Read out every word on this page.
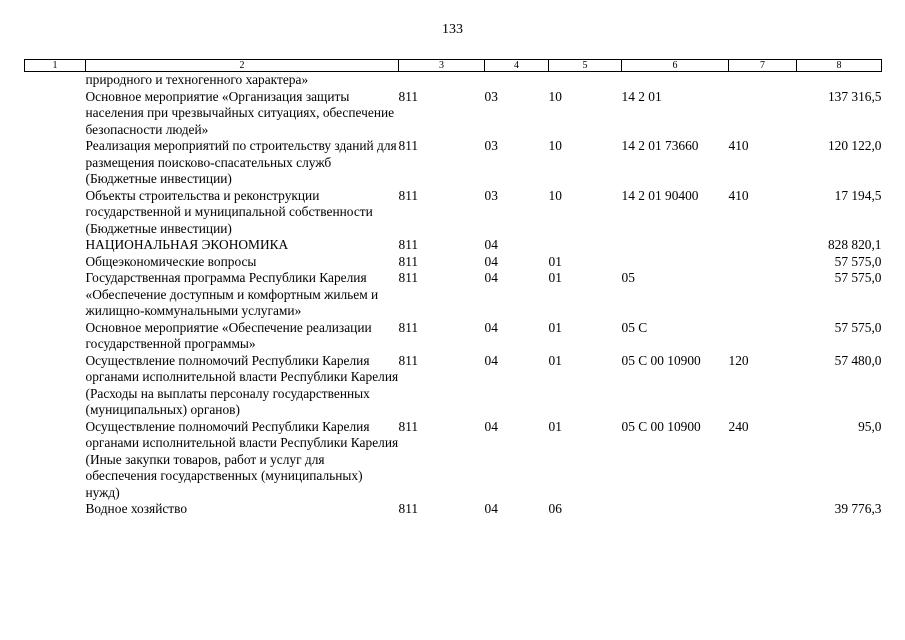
133
1	2	3	4	5	6	7	8
	природного и техногенного характера»						
	Основное мероприятие «Организация защиты населения при чрезвычайных ситуациях, обеспечение безопасности людей»	811	03	10	14 2 01		137 316,5
	Реализация мероприятий по строительству зданий для размещения поисково-спасательных служб (Бюджетные инвестиции)	811	03	10	14 2 01 73660	410	120 122,0
	Объекты строительства и реконструкции государственной и муниципальной собственности (Бюджетные инвестиции)	811	03	10	14 2 01 90400	410	17 194,5
	НАЦИОНАЛЬНАЯ ЭКОНОМИКА	811	04				828 820,1
	Общеэкономические вопросы	811	04	01			57 575,0
	Государственная программа Республики Карелия «Обеспечение доступным и комфортным жильем и жилищно-коммунальными услугами»	811	04	01	05		57 575,0
	Основное мероприятие «Обеспечение реализации государственной программы»	811	04	01	05 С		57 575,0
	Осуществление полномочий Республики Карелия органами исполнительной власти Республики Карелия (Расходы на выплаты персоналу государственных (муниципальных) органов)	811	04	01	05 С 00 10900	120	57 480,0
	Осуществление полномочий Республики Карелия органами исполнительной власти Республики Карелия (Иные закупки товаров, работ и услуг для обеспечения государственных (муниципальных) нужд)	811	04	01	05 С 00 10900	240	95,0
	Водное хозяйство	811	04	06			39 776,3
